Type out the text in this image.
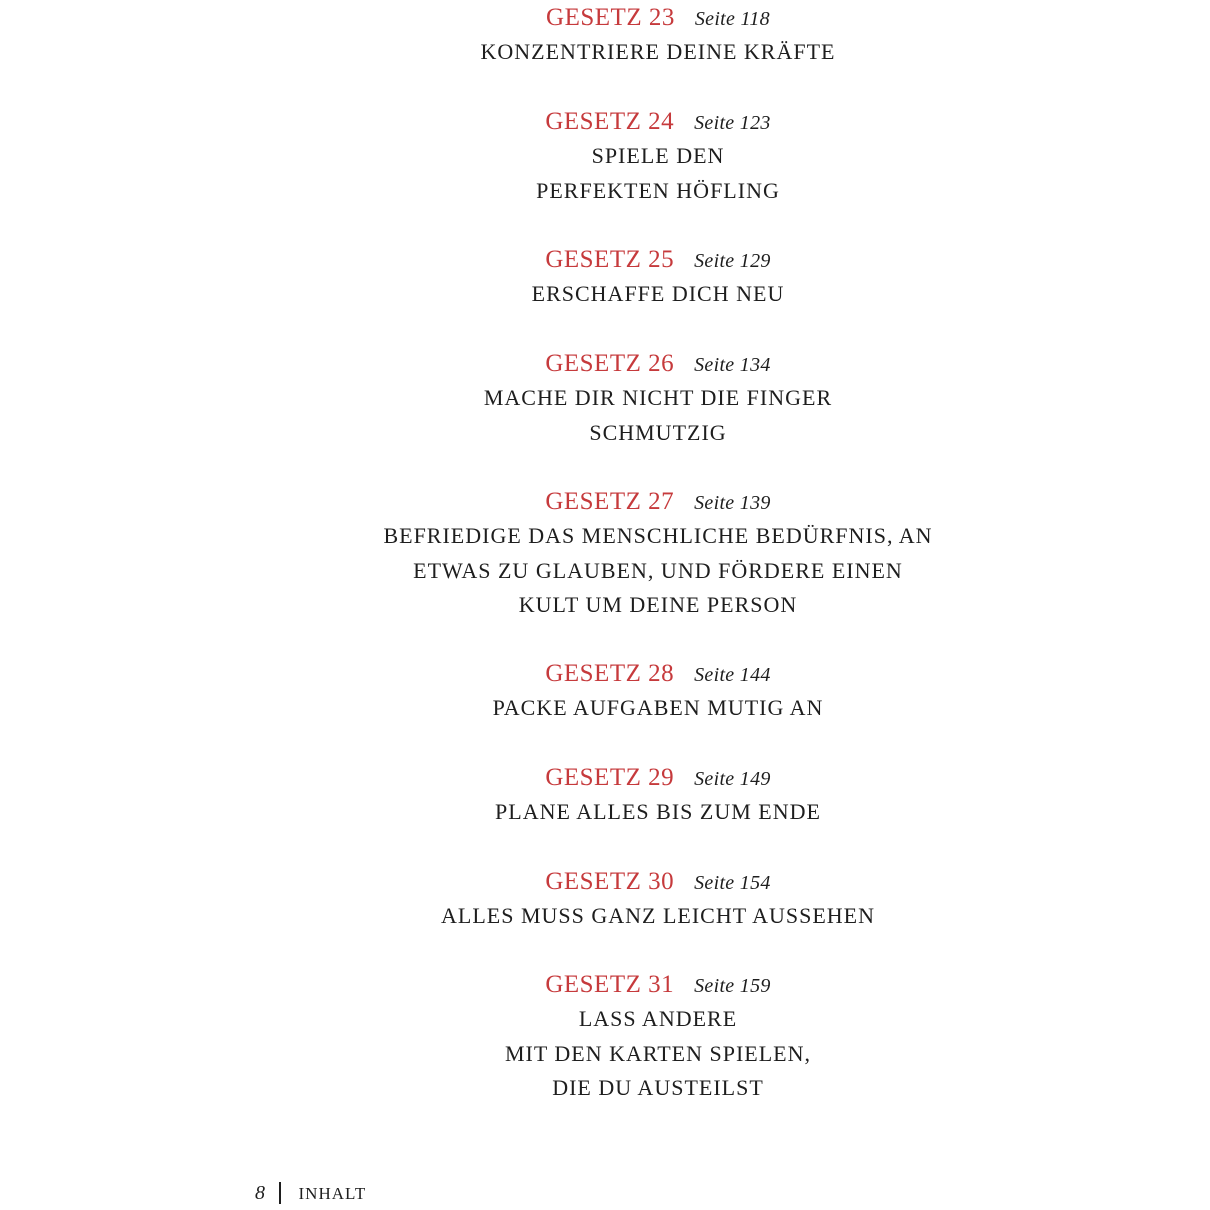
GESETZ 23 Seite 118
KONZENTRIERE DEINE KRÄFTE
GESETZ 24 Seite 123
SPIELE DEN
PERFEKTEN HÖFLING
GESETZ 25 Seite 129
ERSCHAFFE DICH NEU
GESETZ 26 Seite 134
MACHE DIR NICHT DIE FINGER
SCHMUTZIG
GESETZ 27 Seite 139
BEFRIEDIGE DAS MENSCHLICHE BEDÜRFNIS, AN
ETWAS ZU GLAUBEN, UND FÖRDERE EINEN
KULT UM DEINE PERSON
GESETZ 28 Seite 144
PACKE AUFGABEN MUTIG AN
GESETZ 29 Seite 149
PLANE ALLES BIS ZUM ENDE
GESETZ 30 Seite 154
ALLES MUSS GANZ LEICHT AUSSEHEN
GESETZ 31 Seite 159
LASS ANDERE
MIT DEN KARTEN SPIELEN,
DIE DU AUSTEILST
8 INHALT
